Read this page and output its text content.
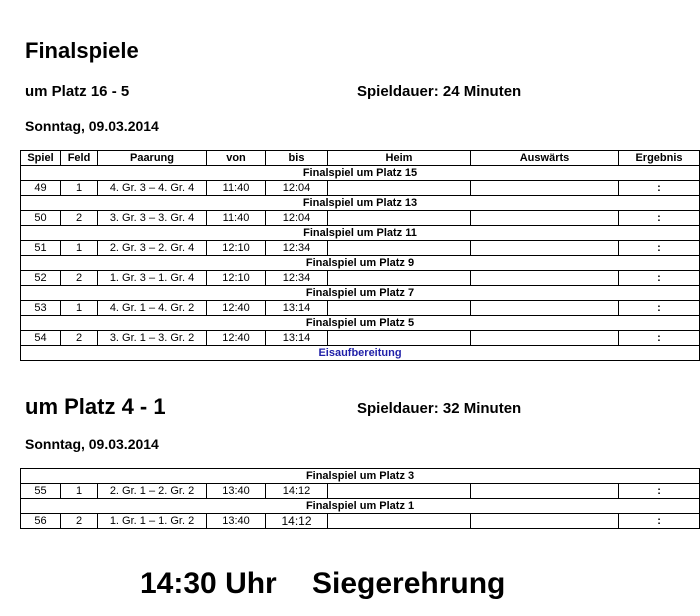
Finalspiele
um Platz 16 - 5	Spieldauer: 24 Minuten
Sonntag, 09.03.2014
Spiel	Feld	Paarung	von	bis	Heim	Auswärts	Ergebnis
Finalspiel um Platz 15							
49	1	4. Gr. 3 – 4. Gr. 4	11:40	12:04			:
Finalspiel um Platz 13							
50	2	3. Gr. 3 – 3. Gr. 4	11:40	12:04			:
Finalspiel um Platz 11							
51	1	2. Gr. 3 – 2. Gr. 4	12:10	12:34			:
Finalspiel um Platz 9							
52	2	1. Gr. 3 – 1. Gr. 4	12:10	12:34			:
Finalspiel um Platz 7							
53	1	4. Gr. 1 – 4. Gr. 2	12:40	13:14			:
Finalspiel um Platz 5							
54	2	3. Gr. 1 – 3. Gr. 2	12:40	13:14			:
Eisaufbereitung							
um Platz 4 - 1	Spieldauer: 32 Minuten
Sonntag, 09.03.2014
Finalspiel um Platz 3							
55	1	2. Gr. 1 – 2. Gr. 2	13:40	14:12			:
Finalspiel um Platz 1							
56	2	1. Gr. 1 – 1. Gr. 2	13:40	14:12			:
14:30 Uhr Siegerehrung
